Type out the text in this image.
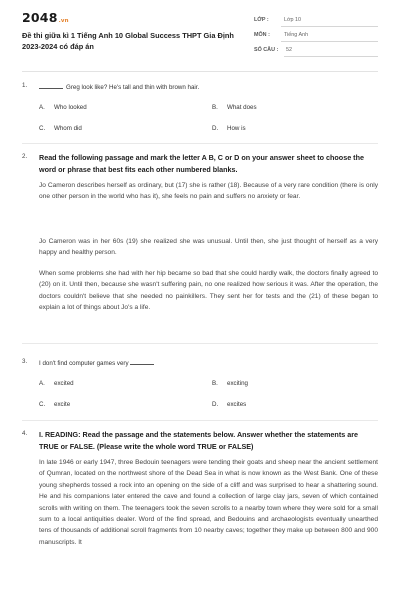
2048.vn
Đề thi giữa kì 1 Tiếng Anh 10 Global Success THPT Gia Định 2023-2024 có đáp án
LỚP :	Lớp 10
MÔN :	Tiếng Anh
SỐ CÂU : 52
1.	Greg look like? He's tall and thin with brown hair.
A. Who looked	B. What does
C. Whom did	D. How is
2. Read the following passage and mark the letter A B, C or D on your answer sheet to choose the word or phrase that best fits each other numbered blanks.
Jo Cameron describes herself as ordinary, but (17) she is rather (18). Because of a very rare condition (there is only one other person in the world who has it), she feels no pain and suffers no anxiety or fear.
Jo Cameron was in her 60s (19) she realized she was unusual. Until then, she just thought of herself as a very happy and healthy person.
When some problems she had with her hip became so bad that she could hardly walk, the doctors finally agreed to (20) on it. Until then, because she wasn't suffering pain, no one realized how serious it was. After the operation, the doctors couldn't believe that she needed no painkillers. They sent her for tests and the (21) of these began to explain a lot of things about Jo's a life.
3. I don't find computer games very
A. excited	B. exciting
C. excite	D. excites
4. I. READING: Read the passage and the statements below. Answer whether the statements are TRUE or FALSE. (Please write the whole word TRUE or FALSE)
In late 1946 or early 1947, three Bedouin teenagers were tending their goats and sheep near the ancient settlement of Qumran, located on the northwest shore of the Dead Sea in what is now known as the West Bank. One of these young shepherds tossed a rock into an opening on the side of a cliff and was surprised to hear a shattering sound. He and his companions later entered the cave and found a collection of large clay jars, seven of which contained scrolls with writing on them. The teenagers took the seven scrolls to a nearby town where they were sold for a small sum to a local antiquities dealer. Word of the find spread, and Bedouins and archaeologists eventually unearthed tens of thousands of additional scroll fragments from 10 nearby caves; together they make up between 800 and 900 manuscripts. It
